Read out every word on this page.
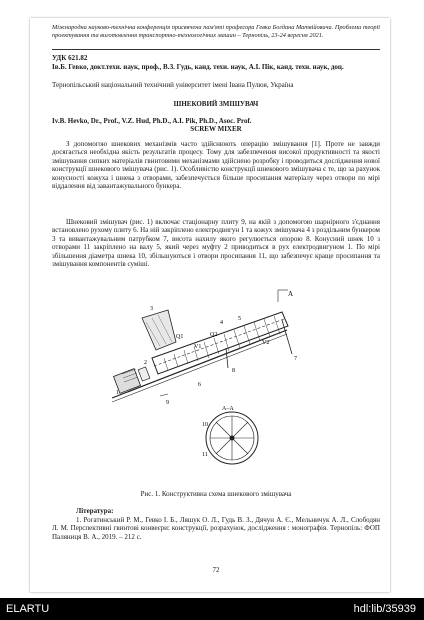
Міжнародна науково-технічна конференція присвячена пам'яті професора Гевка Богдана Матвійовича. Проблеми теорії проектування та виготовлення транспортно-технологічних машин – Тернопіль, 23-24 вересня 2021.
УДК 621.82
Ів.Б. Гевко, докт.техн. наук, проф., В.З. Гудь, канд. техн. наук, А.І. Пік, канд. техн. наук, доц.
Тернопільський національний технічний університет імені Івана Пулюя, Україна
ШНЕКОВИЙ ЗМІШУВАЧ
Iv.B. Hevko, Dr., Prof., V.Z. Hud, Ph.D., A.I. Pik, Ph.D., Asoc. Prof.
SCREW MIXER
З допомогою шнекових механізмів часто здійснюють операцію змішування [1]. Проте не завжди досягається необхідна якість результатів процесу. Тому для забезпечення високої продуктивності та якості змішування сипких матеріалів гвинтовими механізмами здійснено розробку і проводиться дослідження нової конструкції шнекового змішувача (рис. 1). Особливістю конструкції шнекового змішувача є те, що за рахунок конусності кожуха і шнека з отворами, забезпечується більше просипання матеріалу через отвори по мірі віддалення від завантажувального бункера.
Шнековий змішувач (рис. 1) включає стаціонарну плиту 9, на якій з допомогою шарнірного з'єднання встановлено рухому плиту 6. На ній закріплено електродвигун 1 та кожух змішувача 4 з роздільним бункером 3 та вивантажувальним патрубком 7, висота нахилу якого регулюється опорою 8. Конусний шнек 10 з отворами 11 закріплено на валу 5, який через муфту 2 приводиться в рух електродвигуном 1. По мірі збільшення діаметра шнека 10, збільшуються і отвори просипання 11, що забезпечує краще просипання та змішування компонентів суміші.
А
1
2
3
4
5
6
7
8
9
Q1	Q2
V1
V2
А–А
10
11
Рис. 1. Конструктивна схема шнекового змішувача
Література:
1. Рогатинський Р. М., Гевко І. Б., Ляшук О. Л., Гудь В. З., Дячун А. Є., Мельничук А. Л., Слободян Л. М. Перспективні гвинтові конвеєри: конструкції, розрахунок, дослідження : монографія. Тернопіль: ФОП Паляниця В. А., 2019. – 212 с.
72
ELARTU	hdl:lib/35939
